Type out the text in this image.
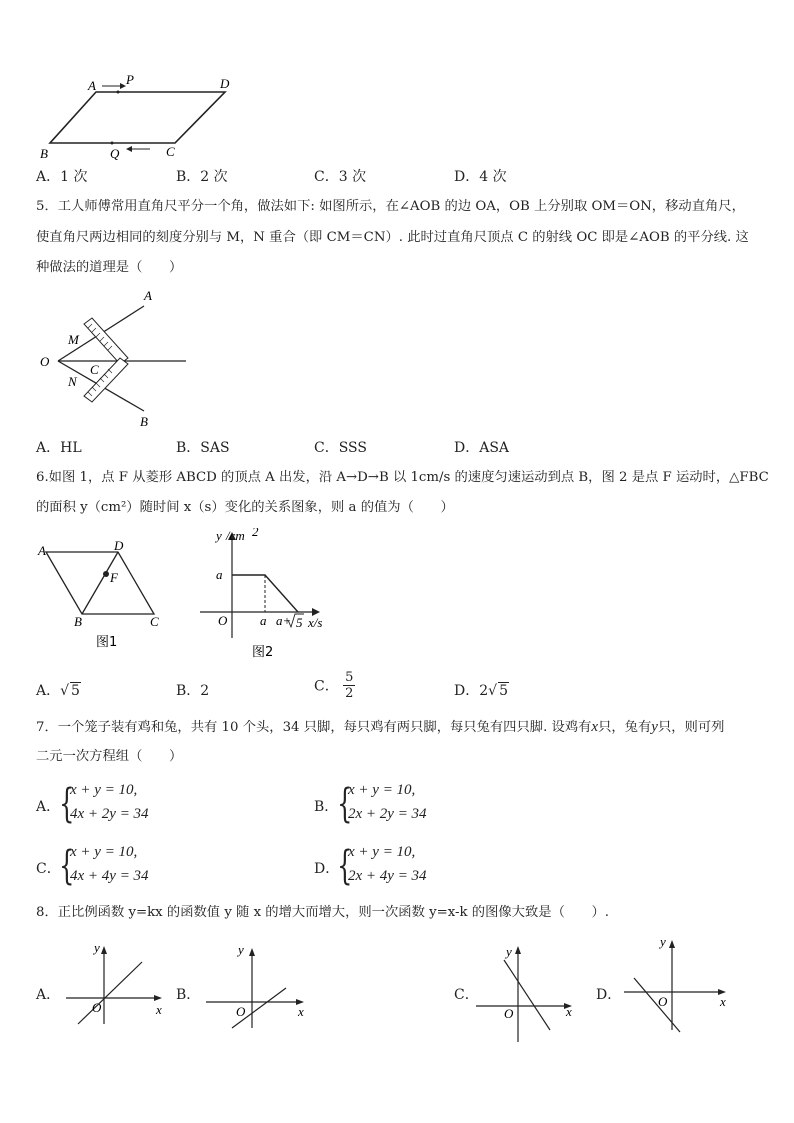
A P	D
B	Q	C
A．1 次	B．2 次	C．3 次	D．4 次
5．工人师傅常用直角尺平分一个角，做法如下: 如图所示，在∠AOB 的边 OA，OB 上分别取 OM＝ON，移动直角尺，
使直角尺两边相同的刻度分别与 M，N 重合（即 CM＝CN）. 此时过直角尺顶点 C 的射线 OC 即是∠AOB 的平分线. 这
种做法的道理是（　　）
A
O
M
C
N
B
A．HL	B．SAS	C．SSS	D．ASA
6.如图 1，点 F 从菱形 ABCD 的顶点 A 出发，沿 A→D→B 以 1cm/s 的速度匀速运动到点 B，图 2 是点 F 运动时，△FBC
的面积 y（cm²）随时间 x（s）变化的关系图象，则 a 的值为（　　）
A	D
F
B	C
图1
y /cm 2
a
O	a a+ 5 x/s
图2
A．√ 5	B．2	C． $\frac{5}{2}$	D．2√ 5
7．一个笼子装有鸡和兔，共有 10 个头，34 只脚，每只鸡有两只脚，每只兔有四只脚. 设鸡有x只，兔有y只，则可列
二元一次方程组（　　）
A．
{
x + y = 10,
4x + 2y = 34	B．
{
x + y = 10,
2x + 2y = 34
C．
{
x + y = 10,
4x + 4y = 34	D．
{
x + y = 10,
2x + 4y = 34
8．正比例函数 y=kx 的函数值 y 随 x 的增大而增大，则一次函数 y=x-k 的图像大致是（　　）.
A．
y
x
O
B．
y
x
O
C．
y
x
O
D．
y
x
O
